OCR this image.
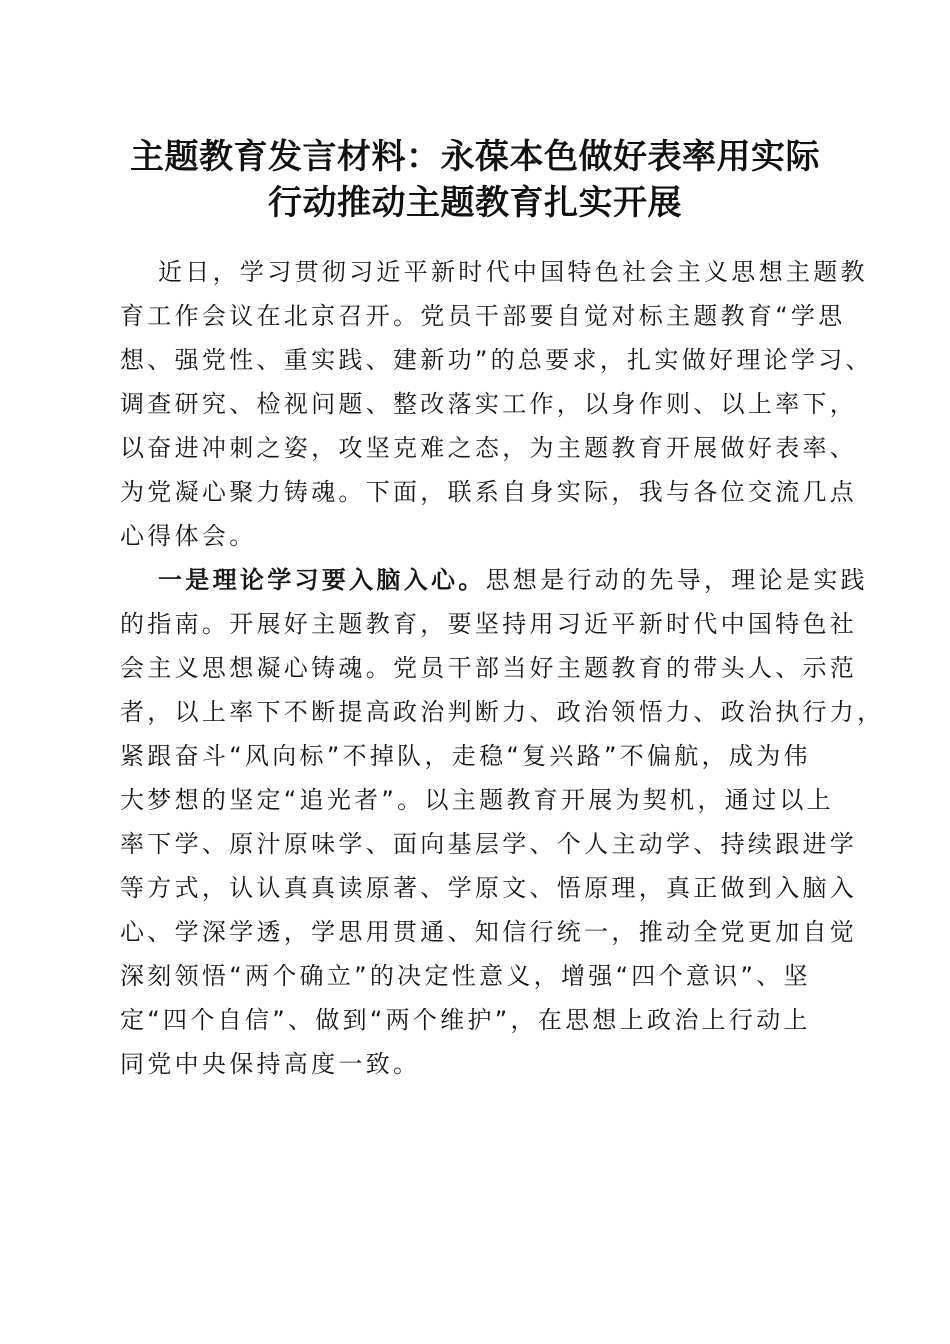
主题教育发言材料：永葆本色做好表率用实际
行动推动主题教育扎实开展
近日，学习贯彻习近平新时代中国特色社会主义思想主题教
育工作会议在北京召开。党员干部要自觉对标主题教育“学思
想、强党性、重实践、建新功”的总要求，扎实做好理论学习、
调查研究、检视问题、整改落实工作，以身作则、以上率下，
以奋进冲刺之姿，攻坚克难之态，为主题教育开展做好表率、
为党凝心聚力铸魂。下面，联系自身实际，我与各位交流几点
心得体会。
一是理论学习要入脑入心。思想是行动的先导，理论是实践
的指南。开展好主题教育，要坚持用习近平新时代中国特色社
会主义思想凝心铸魂。党员干部当好主题教育的带头人、示范
者，以上率下不断提高政治判断力、政治领悟力、政治执行力，
紧跟奋斗“风向标”不掉队，走稳“复兴路”不偏航，成为伟
大梦想的坚定“追光者”。以主题教育开展为契机，通过以上
率下学、原汁原味学、面向基层学、个人主动学、持续跟进学
等方式，认认真真读原著、学原文、悟原理，真正做到入脑入
心、学深学透，学思用贯通、知信行统一，推动全党更加自觉
深刻领悟“两个确立”的决定性意义，增强“四个意识”、坚
定“四个自信”、做到“两个维护”，在思想上政治上行动上
同党中央保持高度一致。
